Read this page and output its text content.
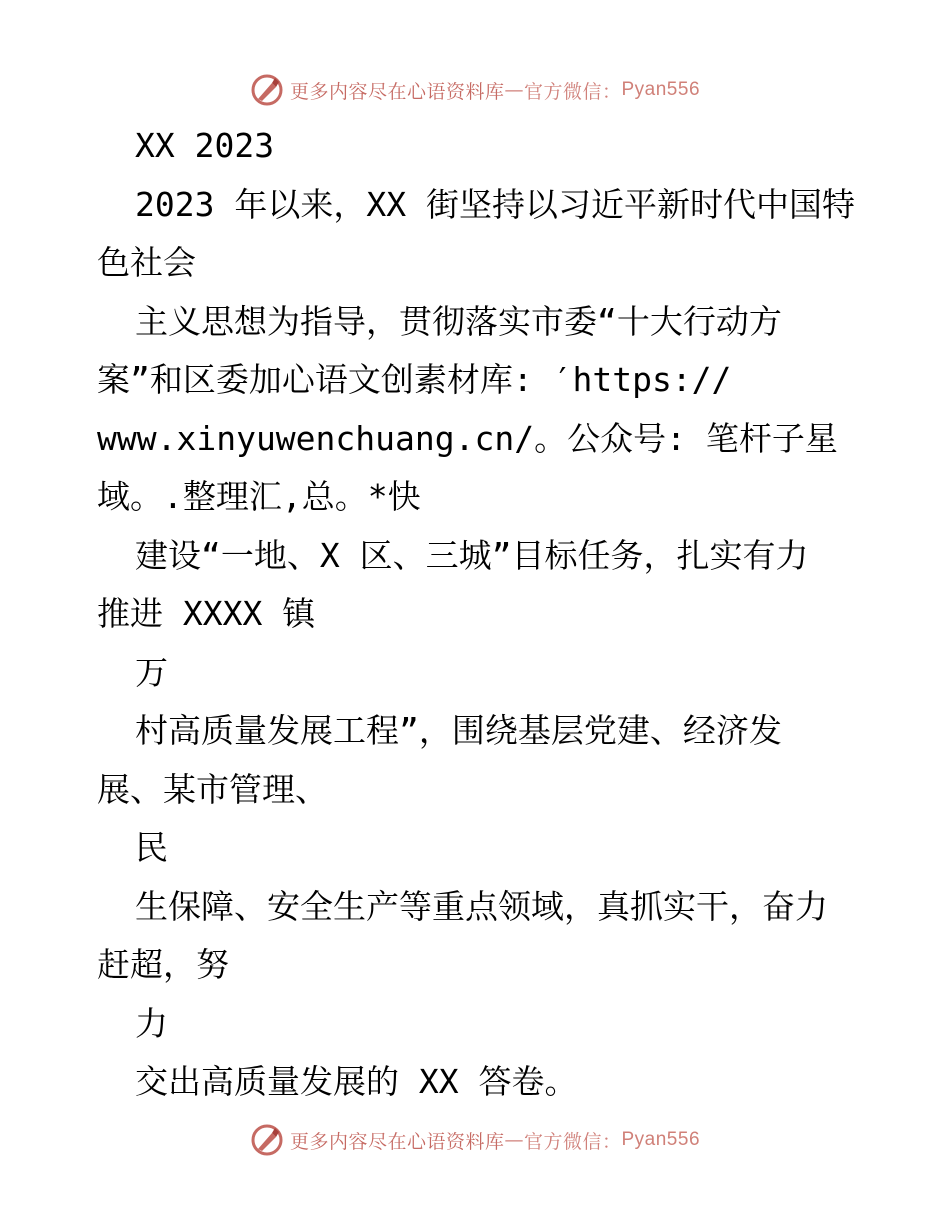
更多内容尽在心语资料库 — 官方微信： Pyan556
XX 2023
2023 年以来，XX 街坚持以习近平新时代中国特
色社会
主义思想为指导，贯彻落实市委“十大行动方
案”和区委加心语文创素材库: ′https://
www.xinyuwenchuang.cn/。公众号: 笔杆子星
域。.整理汇,总。*快
建设“一地、X 区、三城”目标任务，扎实有力
推进 XXXX 镇
万
村高质量发展工程”，围绕基层党建、经济发
展、某市管理、
民
生保障、安全生产等重点领域，真抓实干，奋力
赶超，努
力
交出高质量发展的 XX 答卷。
更多内容尽在心语资料库 — 官方微信： Pyan556
